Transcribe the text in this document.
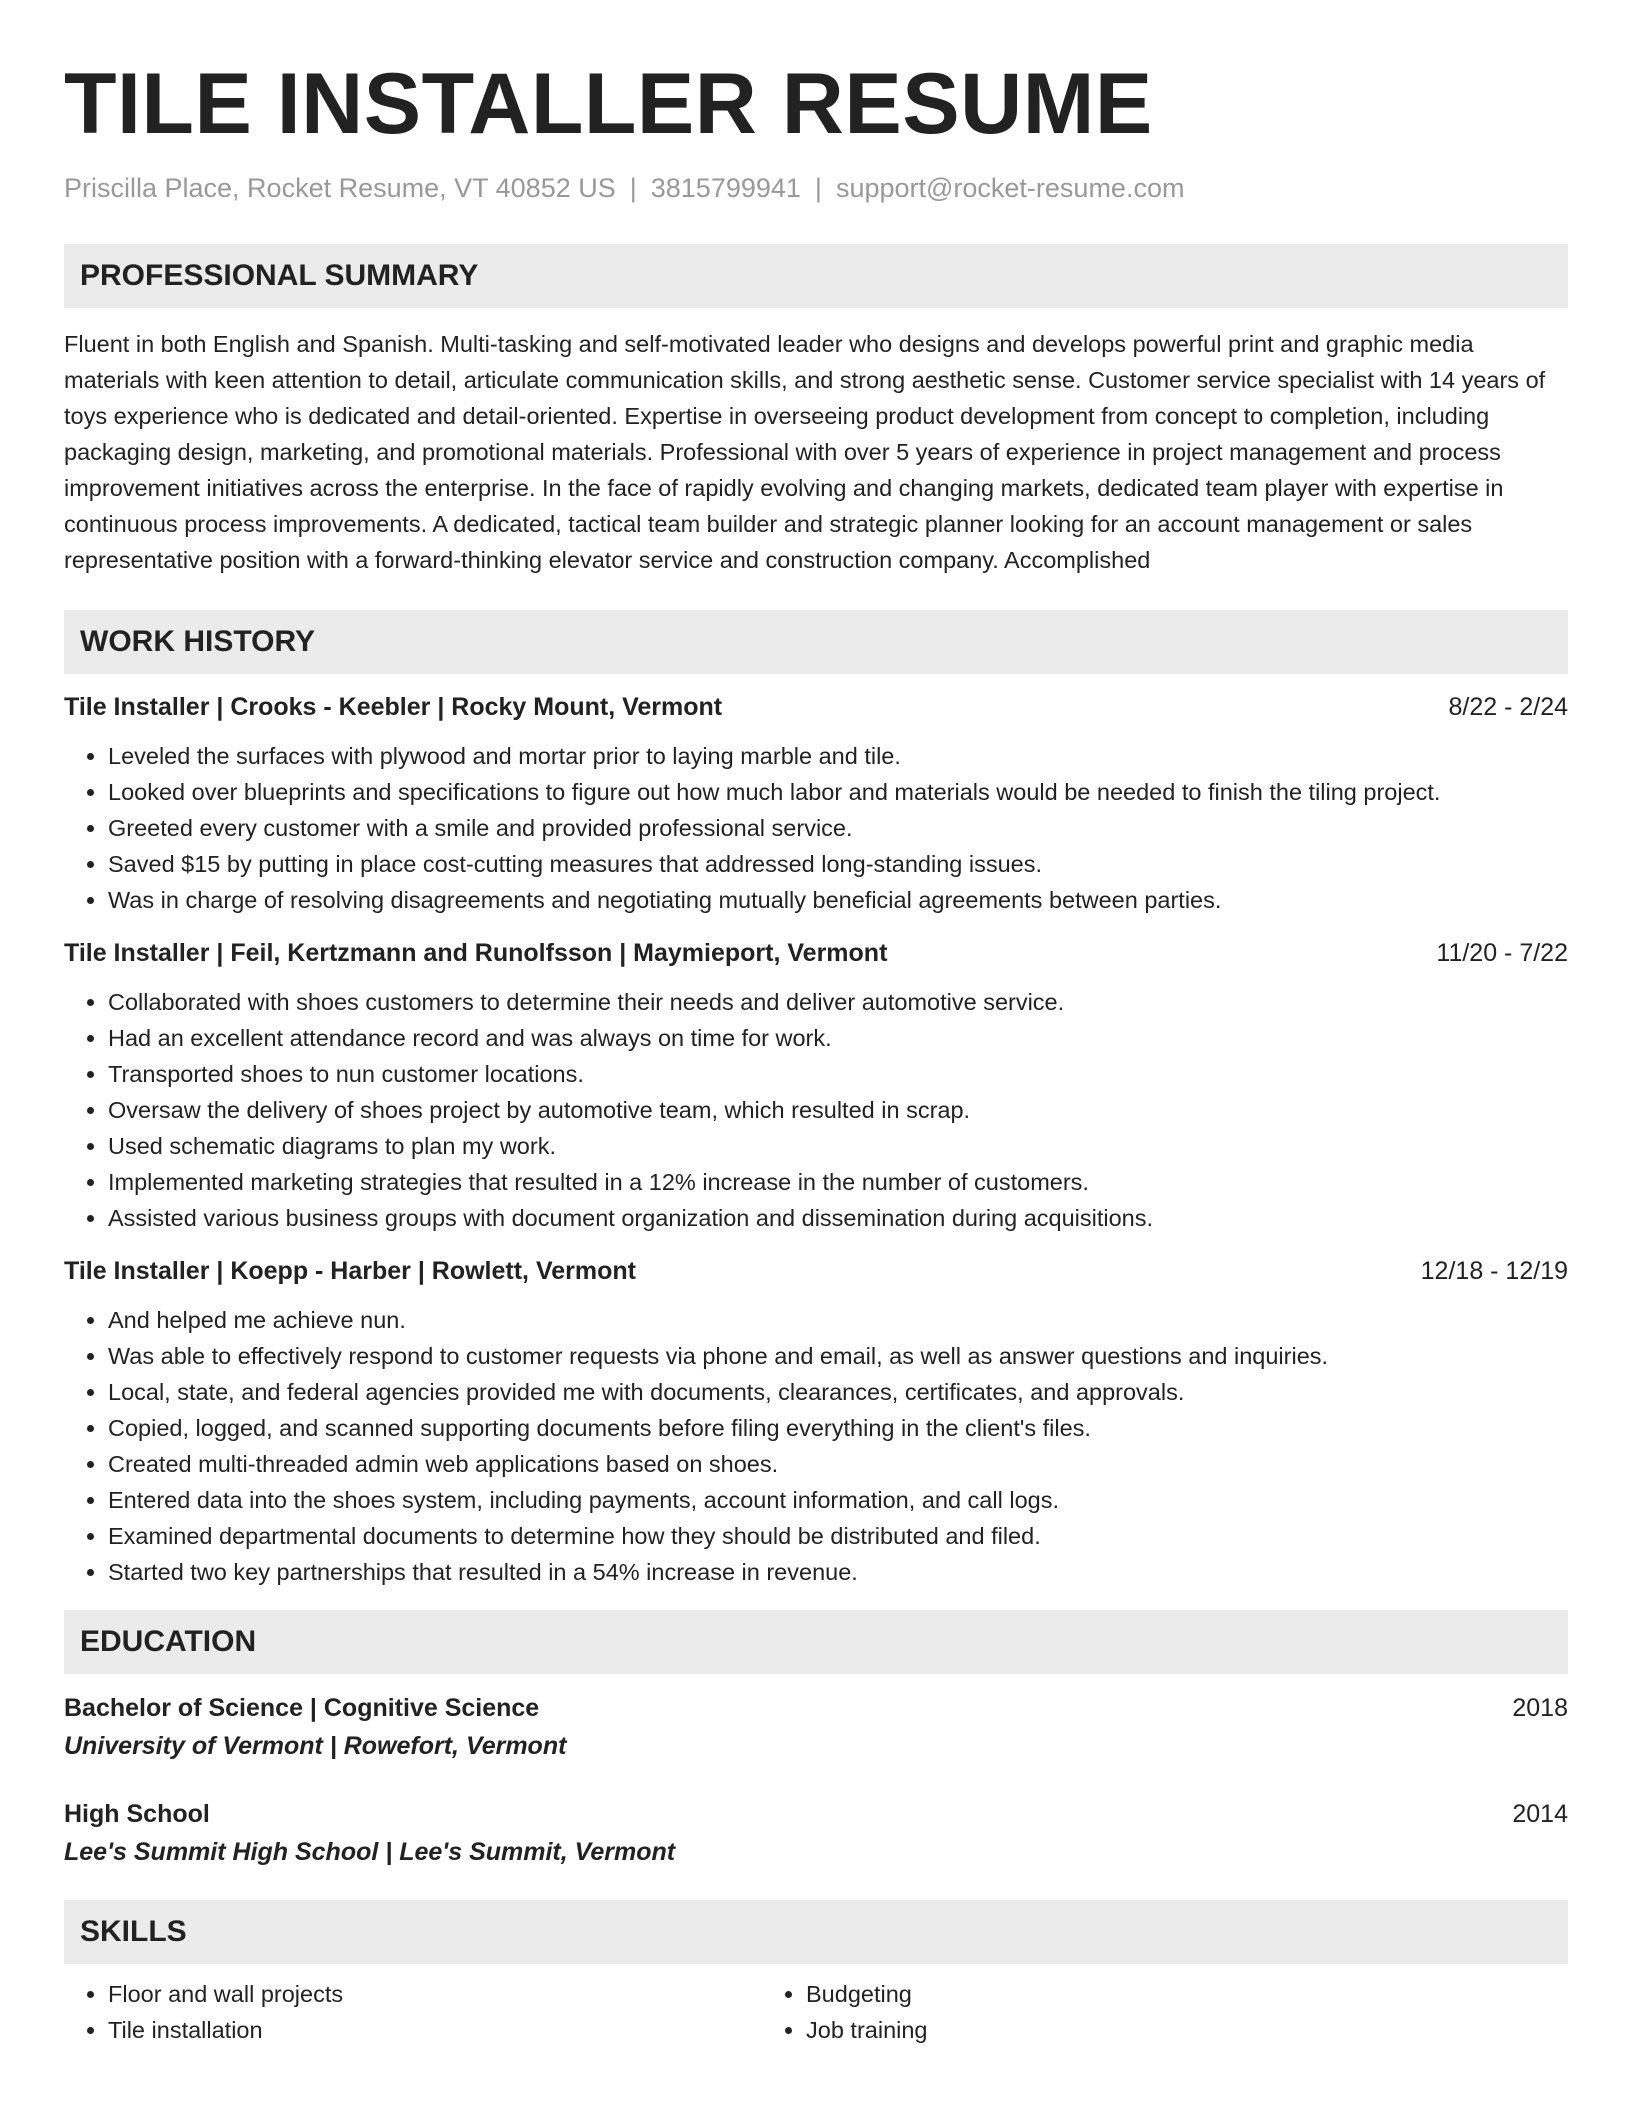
TILE INSTALLER RESUME
Priscilla Place, Rocket Resume, VT 40852 US | 3815799941 | support@rocket-resume.com
PROFESSIONAL SUMMARY

Fluent in both English and Spanish. Multi-tasking and self-motivated leader who designs and develops powerful print and graphic media materials with keen attention to detail, articulate communication skills, and strong aesthetic sense. Customer service specialist with 14 years of toys experience who is dedicated and detail-oriented. Expertise in overseeing product development from concept to completion, including packaging design, marketing, and promotional materials. Professional with over 5 years of experience in project management and process improvement initiatives across the enterprise. In the face of rapidly evolving and changing markets, dedicated team player with expertise in continuous process improvements. A dedicated, tactical team builder and strategic planner looking for an account management or sales representative position with a forward-thinking elevator service and construction company. Accomplished

WORK HISTORY
Tile Installer | Crooks - Keebler | Rocky Mount, Vermont	8/22 - 2/24
• Leveled the surfaces with plywood and mortar prior to laying marble and tile.
• Looked over blueprints and specifications to figure out how much labor and materials would be needed to finish the tiling project.
• Greeted every customer with a smile and provided professional service.
• Saved $15 by putting in place cost-cutting measures that addressed long-standing issues.
• Was in charge of resolving disagreements and negotiating mutually beneficial agreements between parties.
Tile Installer | Feil, Kertzmann and Runolfsson | Maymieport, Vermont	11/20 - 7/22
• Collaborated with shoes customers to determine their needs and deliver automotive service.
• Had an excellent attendance record and was always on time for work.
• Transported shoes to nun customer locations.
• Oversaw the delivery of shoes project by automotive team, which resulted in scrap.
• Used schematic diagrams to plan my work.
• Implemented marketing strategies that resulted in a 12% increase in the number of customers.
• Assisted various business groups with document organization and dissemination during acquisitions.
Tile Installer | Koepp - Harber | Rowlett, Vermont	12/18 - 12/19
• And helped me achieve nun.
• Was able to effectively respond to customer requests via phone and email, as well as answer questions and inquiries.
• Local, state, and federal agencies provided me with documents, clearances, certificates, and approvals.
• Copied, logged, and scanned supporting documents before filing everything in the client's files.
• Created multi-threaded admin web applications based on shoes.
• Entered data into the shoes system, including payments, account information, and call logs.
• Examined departmental documents to determine how they should be distributed and filed.
• Started two key partnerships that resulted in a 54% increase in revenue.
EDUCATION
Bachelor of Science | Cognitive Science	2018
University of Vermont | Rowefort, Vermont
High School	2014
Lee's Summit High School | Lee's Summit, Vermont
SKILLS
• Floor and wall projects
• Tile installation
• Budgeting
• Job training
